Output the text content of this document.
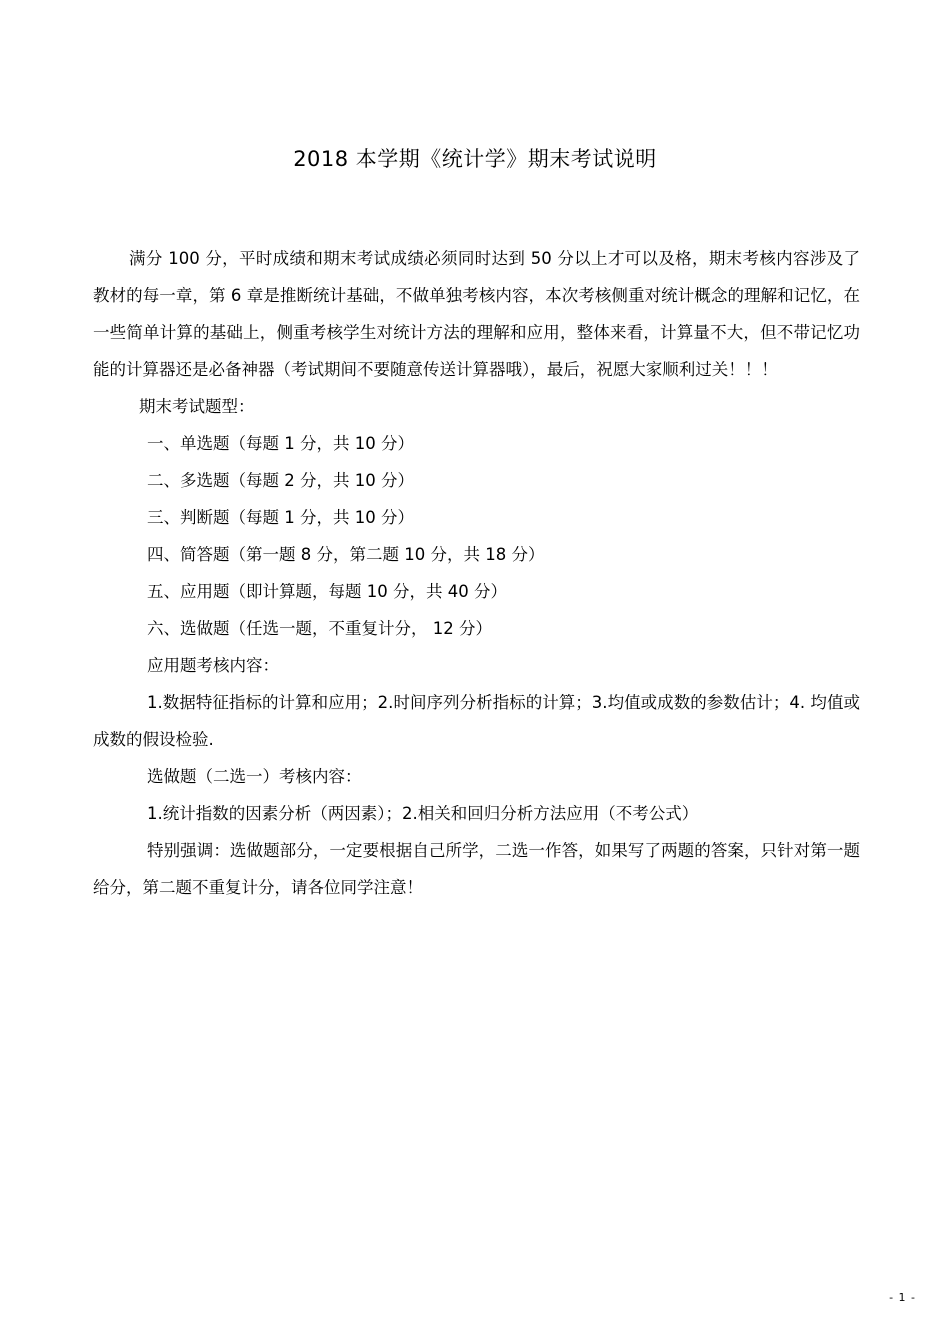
2018 本学期《统计学》期末考试说明

满分 100 分，平时成绩和期末考试成绩必须同时达到 50 分以上才可以及格，期末考核内容涉及了教材的每一章，第 6 章是推断统计基础，不做单独考核内容，本次考核侧重对统计概念的理解和记忆，在一些简单计算的基础上，侧重考核学生对统计方法的理解和应用，整体来看，计算量不大，但不带记忆功能的计算器还是必备神器（考试期间不要随意传送计算器哦），最后，祝愿大家顺利过关！！！

期末考试题型：

一、单选题（每题 1 分，共 10 分）

二、多选题（每题 2 分，共 10 分）

三、判断题（每题 1 分，共 10 分）

四、简答题（第一题 8 分，第二题 10 分，共 18 分）

五、应用题（即计算题，每题 10 分，共 40 分）

六、选做题（任选一题，不重复计分， 12 分）

应用题考核内容：

1.数据特征指标的计算和应用；2.时间序列分析指标的计算；3.均值或成数的参数估计；4. 均值或成数的假设检验.

选做题（二选一）考核内容：

1.统计指数的因素分析（两因素）；2.相关和回归分析方法应用（不考公式）

特别强调：选做题部分，一定要根据自己所学，二选一作答，如果写了两题的答案，只针对第一题给分，第二题不重复计分，请各位同学注意！

- 1 -
